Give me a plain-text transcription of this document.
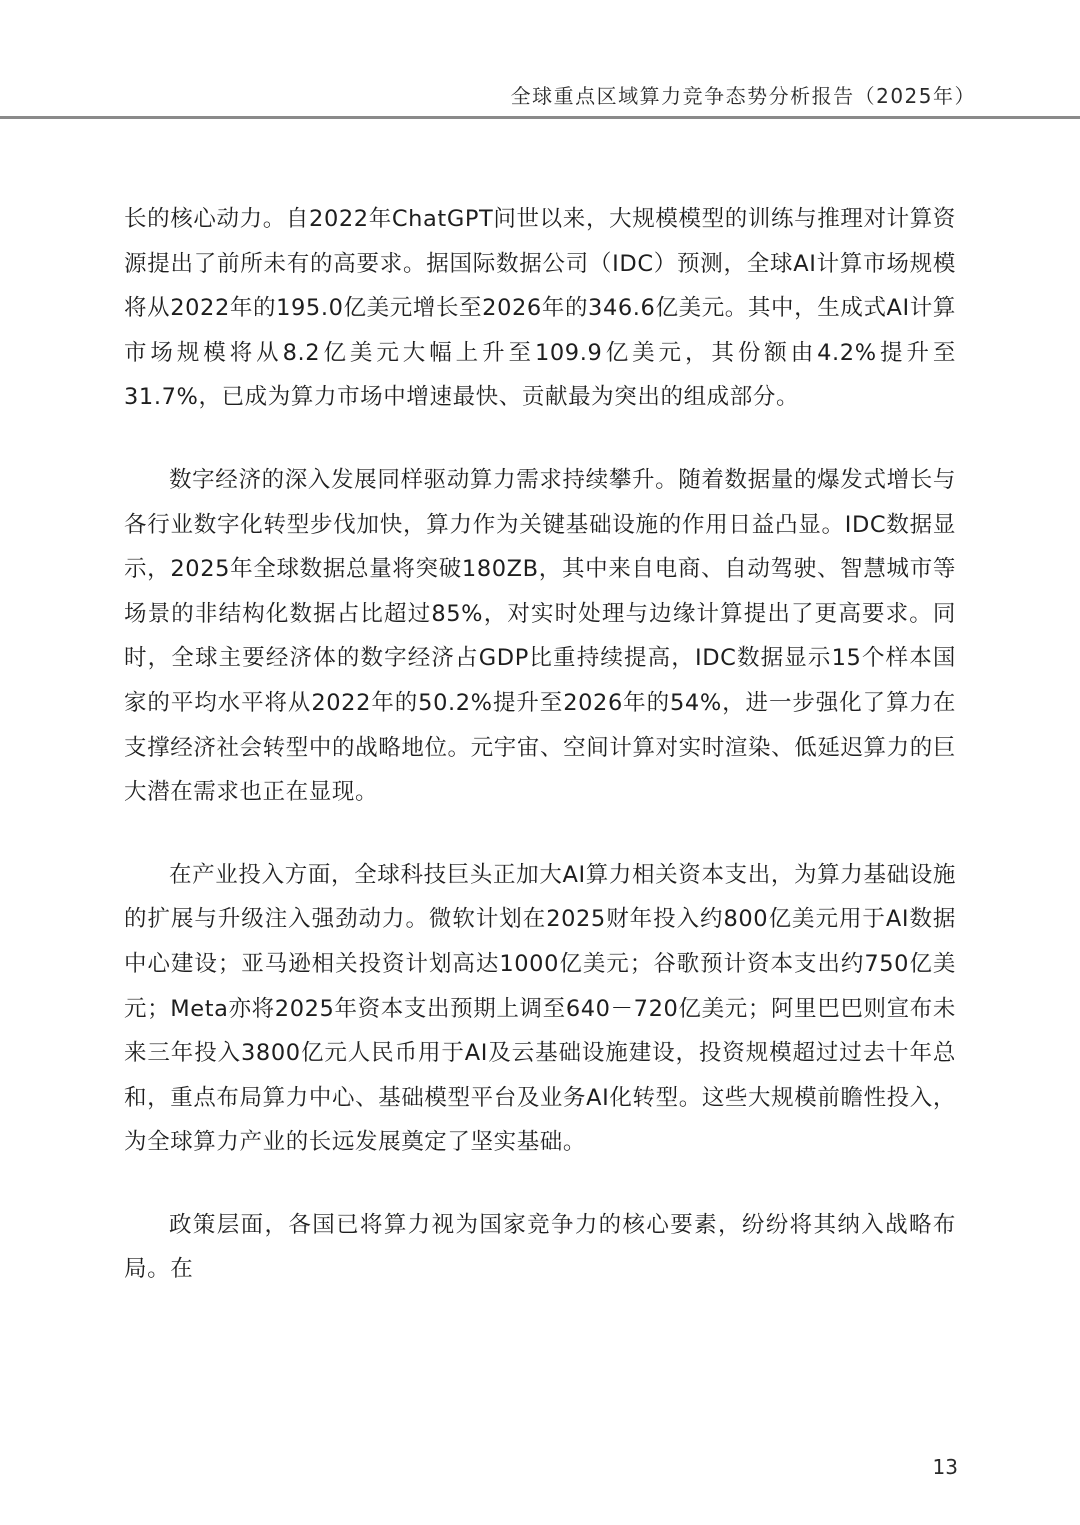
全球重点区域算力竞争态势分析报告（2025年）

长的核心动力。自2022年ChatGPT问世以来，大规模模型的训练与推理对计算资源提出了前所未有的高要求。据国际数据公司（IDC）预测，全球AI计算市场规模将从2022年的195.0亿美元增长至2026年的346.6亿美元。其中，生成式AI计算市场规模将从8.2亿美元大幅上升至109.9亿美元，其份额由4.2%提升至31.7%，已成为算力市场中增速最快、贡献最为突出的组成部分。

数字经济的深入发展同样驱动算力需求持续攀升。随着数据量的爆发式增长与各行业数字化转型步伐加快，算力作为关键基础设施的作用日益凸显。IDC数据显示，2025年全球数据总量将突破180ZB，其中来自电商、自动驾驶、智慧城市等场景的非结构化数据占比超过85%，对实时处理与边缘计算提出了更高要求。同时，全球主要经济体的数字经济占GDP比重持续提高，IDC数据显示15个样本国家的平均水平将从2022年的50.2%提升至2026年的54%，进一步强化了算力在支撑经济社会转型中的战略地位。元宇宙、空间计算对实时渲染、低延迟算力的巨大潜在需求也正在显现。

在产业投入方面，全球科技巨头正加大AI算力相关资本支出，为算力基础设施的扩展与升级注入强劲动力。微软计划在2025财年投入约800亿美元用于AI数据中心建设；亚马逊相关投资计划高达1000亿美元；谷歌预计资本支出约750亿美元；Meta亦将2025年资本支出预期上调至640－720亿美元；阿里巴巴则宣布未来三年投入3800亿元人民币用于AI及云基础设施建设，投资规模超过过去十年总和，重点布局算力中心、基础模型平台及业务AI化转型。这些大规模前瞻性投入，为全球算力产业的长远发展奠定了坚实基础。

政策层面，各国已将算力视为国家竞争力的核心要素，纷纷将其纳入战略布局。在

13
